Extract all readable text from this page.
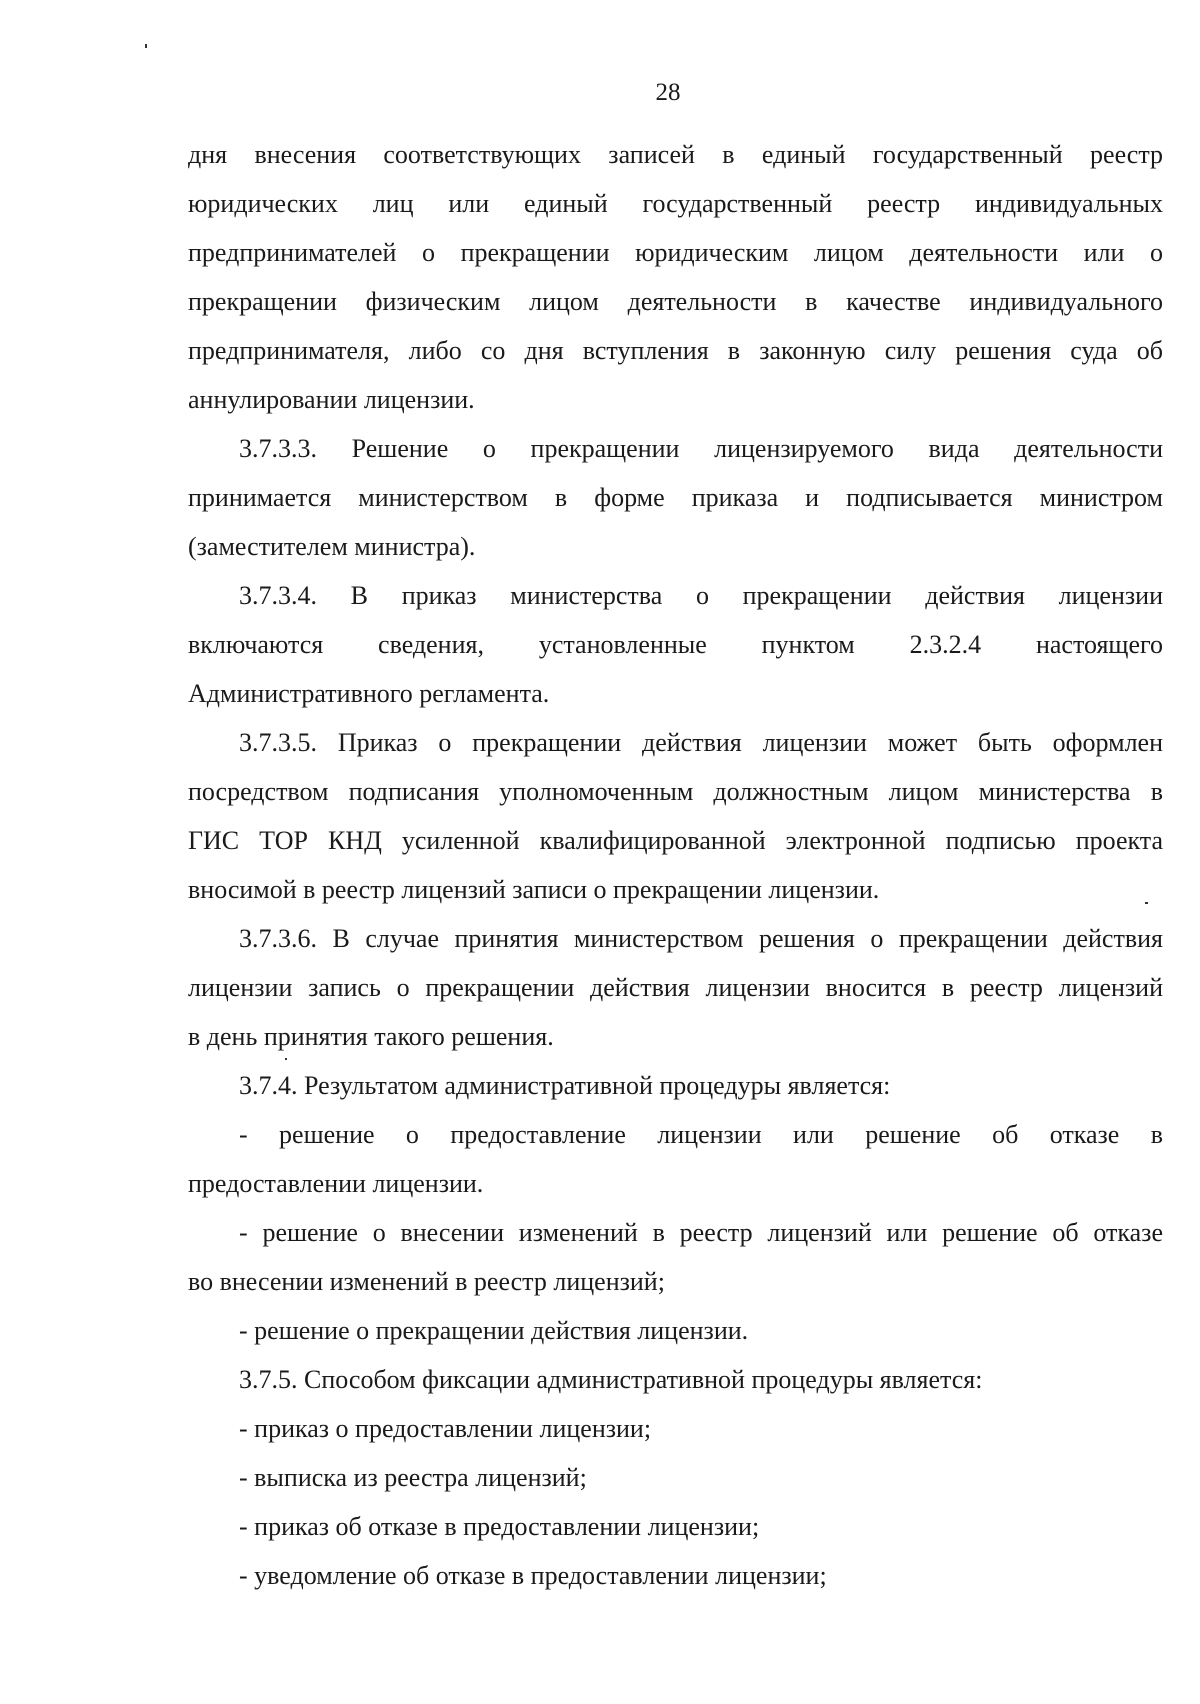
28

дня внесения соответствующих записей в единый государственный реестр
юридических лиц или единый государственный реестр индивидуальных
предпринимателей о прекращении юридическим лицом деятельности или о
прекращении физическим лицом деятельности в качестве индивидуального
предпринимателя, либо со дня вступления в законную силу решения суда об
аннулировании лицензии.

3.7.3.3. Решение о прекращении лицензируемого вида деятельности
принимается министерством в форме приказа и подписывается министром
(заместителем министра).

3.7.3.4. В приказ министерства о прекращении действия лицензии
включаются сведения, установленные пунктом 2.3.2.4 настоящего
Административного регламента.

3.7.3.5. Приказ о прекращении действия лицензии может быть оформлен
посредством подписания уполномоченным должностным лицом министерства в
ГИС ТОР КНД усиленной квалифицированной электронной подписью проекта
вносимой в реестр лицензий записи о прекращении лицензии.

3.7.3.6. В случае принятия министерством решения о прекращении действия
лицензии запись о прекращении действия лицензии вносится в реестр лицензий
в день принятия такого решения.

3.7.4. Результатом административной процедуры является:

- решение о предоставление лицензии или решение об отказе в
предоставлении лицензии.

- решение о внесении изменений в реестр лицензий или решение об отказе
во внесении изменений в реестр лицензий;

- решение о прекращении действия лицензии.

3.7.5. Способом фиксации административной процедуры является:

- приказ о предоставлении лицензии;

- выписка из реестра лицензий;

- приказ об отказе в предоставлении лицензии;

- уведомление об отказе в предоставлении лицензии;
